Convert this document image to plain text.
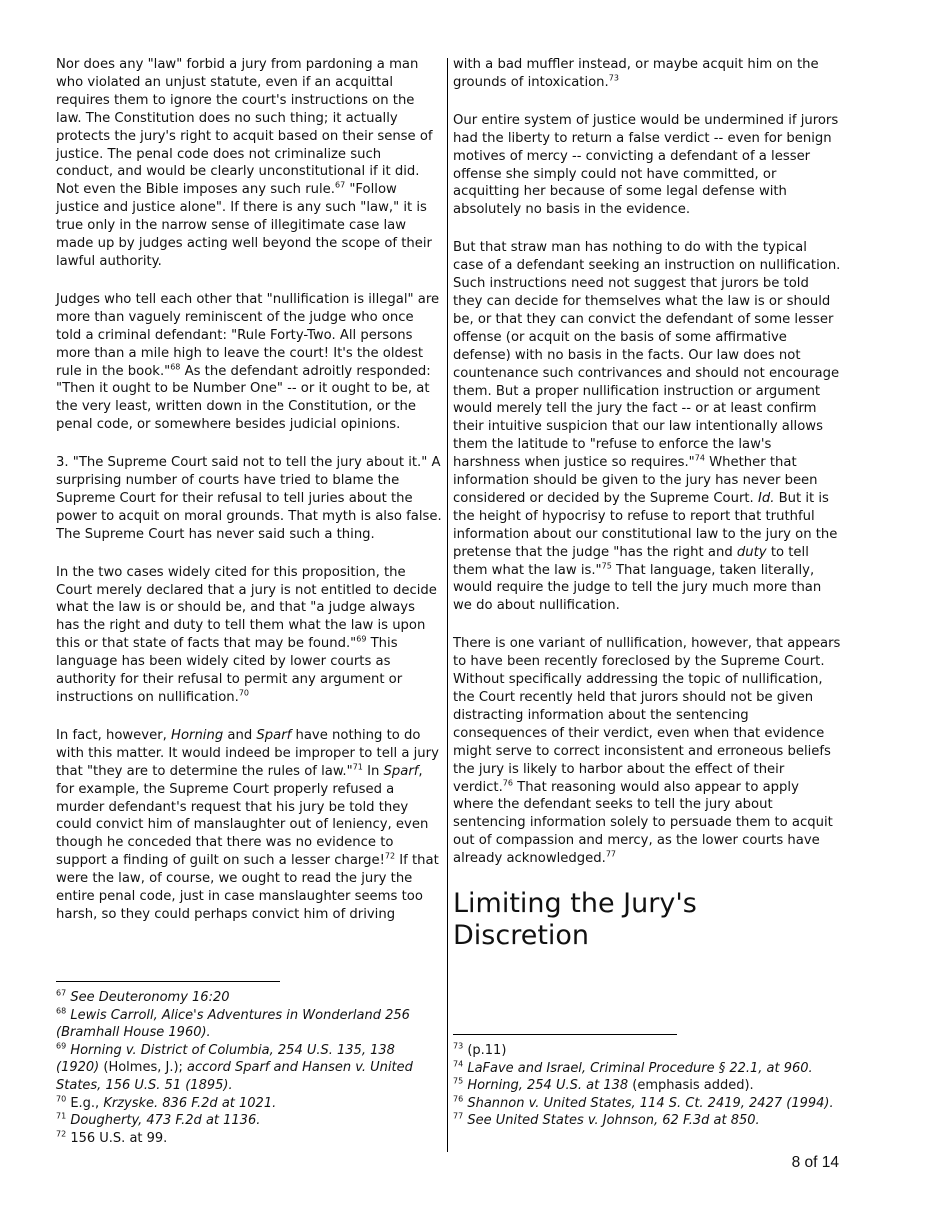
Nor does any "law" forbid a jury from pardoning a man who violated an unjust statute, even if an acquittal requires them to ignore the court's instructions on the law. The Constitution does no such thing; it actually protects the jury's right to acquit based on their sense of justice. The penal code does not criminalize such conduct, and would be clearly unconstitutional if it did. Not even the Bible imposes any such rule.$^{67}$ "Follow justice and justice alone". If there is any such "law," it is true only in the narrow sense of illegitimate case law made up by judges acting well beyond the scope of their lawful authority.

Judges who tell each other that "nullification is illegal" are more than vaguely reminiscent of the judge who once told a criminal defendant: "Rule Forty-Two. All persons more than a mile high to leave the court! It's the oldest rule in the book."$^{68}$ As the defendant adroitly responded: "Then it ought to be Number One" -- or it ought to be, at the very least, written down in the Constitution, or the penal code, or somewhere besides judicial opinions.

3. "The Supreme Court said not to tell the jury about it." A surprising number of courts have tried to blame the Supreme Court for their refusal to tell juries about the power to acquit on moral grounds. That myth is also false. The Supreme Court has never said such a thing.

In the two cases widely cited for this proposition, the Court merely declared that a jury is not entitled to decide what the law is or should be, and that "a judge always has the right and duty to tell them what the law is upon this or that state of facts that may be found."$^{69}$ This language has been widely cited by lower courts as authority for their refusal to permit any argument or instructions on nullification.$^{70}$

In fact, however, Horning and Sparf have nothing to do with this matter. It would indeed be improper to tell a jury that "they are to determine the rules of law."$^{71}$ In Sparf, for example, the Supreme Court properly refused a murder defendant's request that his jury be told they could convict him of manslaughter out of leniency, even though he conceded that there was no evidence to support a finding of guilt on such a lesser charge!$^{72}$ If that were the law, of course, we ought to read the jury the entire penal code, just in case manslaughter seems too harsh, so they could perhaps convict him of driving

with a bad muffler instead, or maybe acquit him on the grounds of intoxication.$^{73}$

Our entire system of justice would be undermined if jurors had the liberty to return a false verdict -- even for benign motives of mercy -- convicting a defendant of a lesser offense she simply could not have committed, or acquitting her because of some legal defense with absolutely no basis in the evidence.

But that straw man has nothing to do with the typical case of a defendant seeking an instruction on nullification. Such instructions need not suggest that jurors be told they can decide for themselves what the law is or should be, or that they can convict the defendant of some lesser offense (or acquit on the basis of some affirmative defense) with no basis in the facts. Our law does not countenance such contrivances and should not encourage them. But a proper nullification instruction or argument would merely tell the jury the fact -- or at least confirm their intuitive suspicion that our law intentionally allows them the latitude to "refuse to enforce the law's harshness when justice so requires."$^{74}$ Whether that information should be given to the jury has never been considered or decided by the Supreme Court. Id. But it is the height of hypocrisy to refuse to report that truthful information about our constitutional law to the jury on the pretense that the judge "has the right and duty to tell them what the law is."$^{75}$ That language, taken literally, would require the judge to tell the jury much more than we do about nullification.

There is one variant of nullification, however, that appears to have been recently foreclosed by the Supreme Court. Without specifically addressing the topic of nullification, the Court recently held that jurors should not be given distracting information about the sentencing consequences of their verdict, even when that evidence might serve to correct inconsistent and erroneous beliefs the jury is likely to harbor about the effect of their verdict.$^{76}$ That reasoning would also appear to apply where the defendant seeks to tell the jury about sentencing information solely to persuade them to acquit out of compassion and mercy, as the lower courts have already acknowledged.$^{77}$

Limiting the Jury's Discretion
$^{67}$ See Deuteronomy 16:20
$^{68}$ Lewis Carroll, Alice's Adventures in Wonderland 256 (Bramhall House 1960).
$^{69}$ Horning v. District of Columbia, 254 U.S. 135, 138 (1920) (Holmes, J.); accord Sparf and Hansen v. United States, 156 U.S. 51 (1895).
$^{70}$ E.g., Krzyske. 836 F.2d at 1021.
$^{71}$ Dougherty, 473 F.2d at 1136.
$^{72}$ 156 U.S. at 99.
$^{73}$ (p.11)
$^{74}$ LaFave and Israel, Criminal Procedure § 22.1, at 960.
$^{75}$ Horning, 254 U.S. at 138 (emphasis added).
$^{76}$ Shannon v. United States, 114 S. Ct. 2419, 2427 (1994).
$^{77}$ See United States v. Johnson, 62 F.3d at 850.
8 of 14
